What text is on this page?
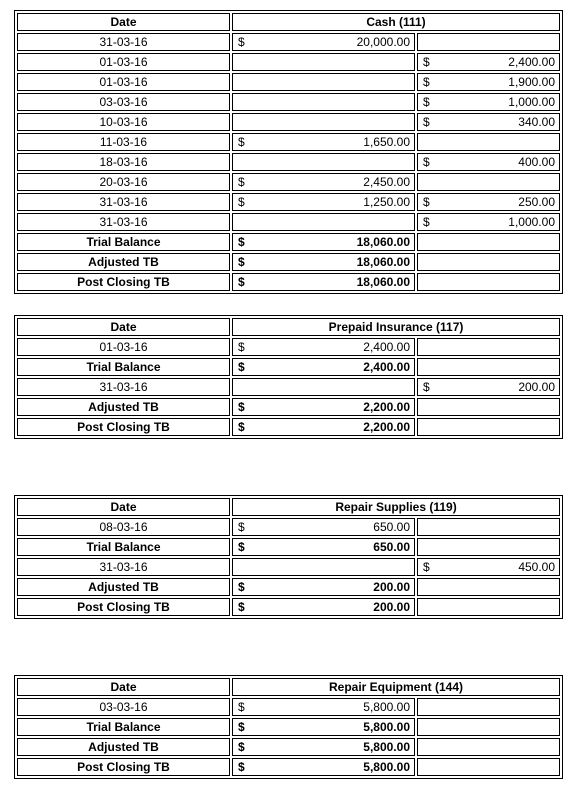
Date	Cash (111)	
31-03-16	$ 20,000.00	
01-03-16		$ 2,400.00
01-03-16		$ 1,900.00
03-03-16		$ 1,000.00
10-03-16		$ 340.00
11-03-16	$ 1,650.00	
18-03-16		$ 400.00
20-03-16	$ 2,450.00	
31-03-16	$ 1,250.00	$ 250.00
31-03-16		$ 1,000.00
Trial Balance	$ 18,060.00	
Adjusted TB	$ 18,060.00	
Post Closing TB	$ 18,060.00	
Date	Prepaid Insurance (117)	
01-03-16	$ 2,400.00	
Trial Balance	$ 2,400.00	
31-03-16		$ 200.00
Adjusted TB	$ 2,200.00	
Post Closing TB	$ 2,200.00	
Date	Repair Supplies (119)	
08-03-16	$ 650.00	
Trial Balance	$ 650.00	
31-03-16		$ 450.00
Adjusted TB	$ 200.00	
Post Closing TB	$ 200.00	
Date	Repair Equipment (144)	
03-03-16	$ 5,800.00	
Trial Balance	$ 5,800.00	
Adjusted TB	$ 5,800.00	
Post Closing TB	$ 5,800.00	
